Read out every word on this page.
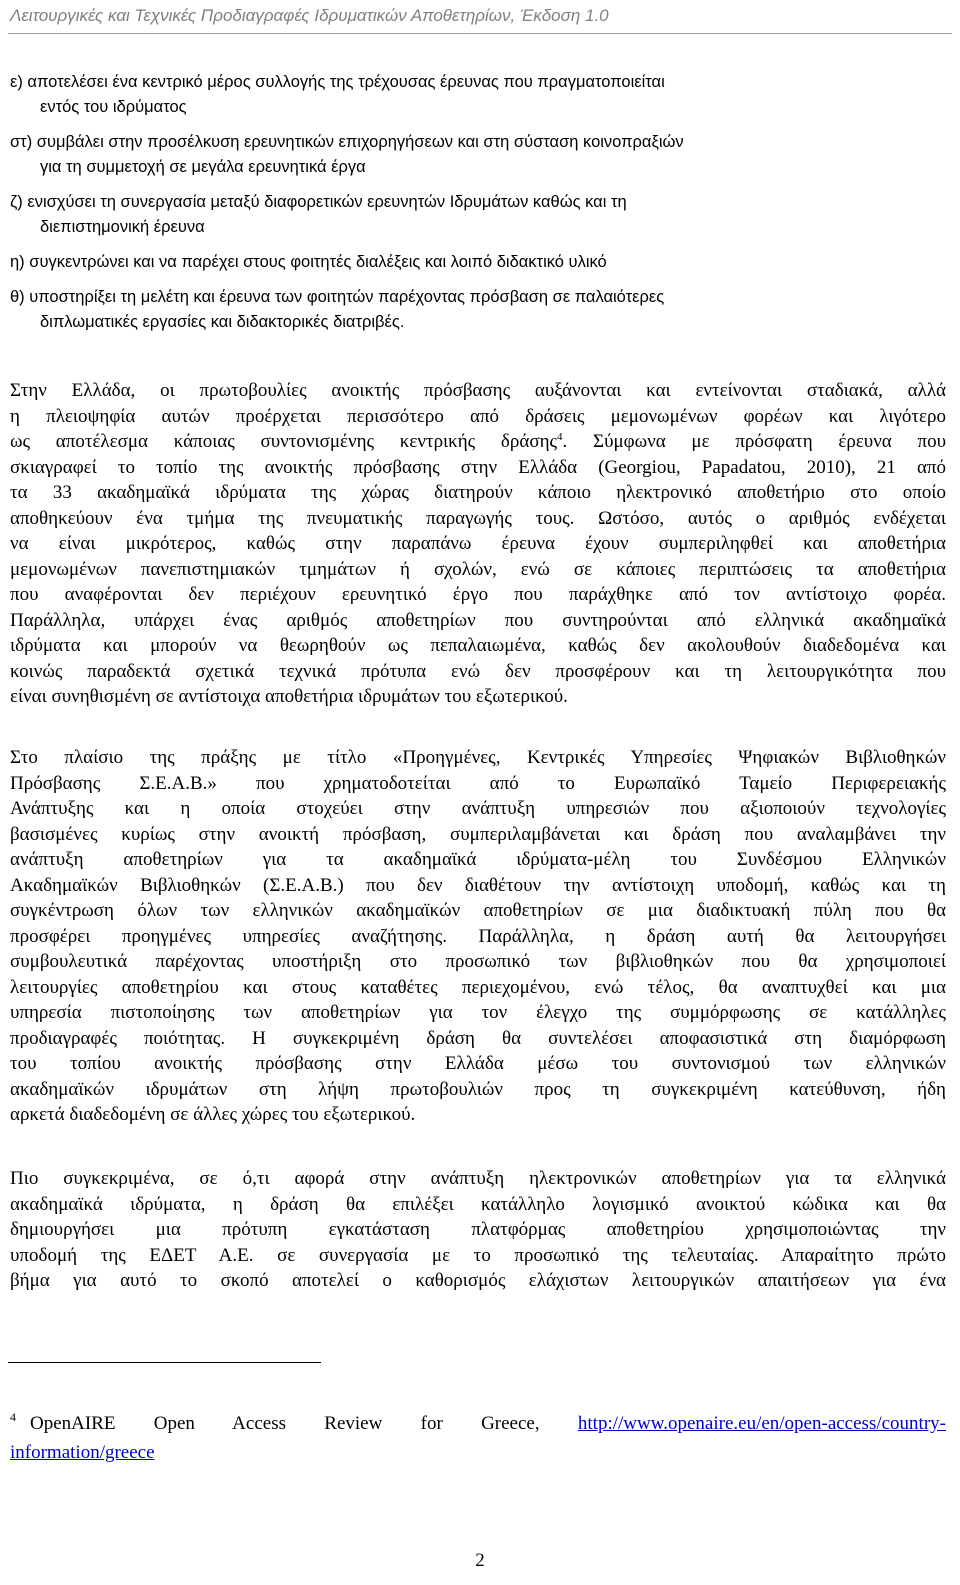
Λειτουργικές και Τεχνικές Προδιαγραφές Ιδρυματικών Αποθετηρίων, Έκδοση 1.0
ε) αποτελέσει ένα κεντρικό μέρος συλλογής της τρέχουσας έρευνας που πραγματοποιείται
εντός του ιδρύματος
στ) συμβάλει στην προσέλκυση ερευνητικών επιχορηγήσεων και στη σύσταση κοινοπραξιών
για τη συμμετοχή σε μεγάλα ερευνητικά έργα
ζ) ενισχύσει τη συνεργασία μεταξύ διαφορετικών ερευνητών Ιδρυμάτων καθώς και τη
διεπιστημονική έρευνα
η) συγκεντρώνει και να παρέχει στους φοιτητές διαλέξεις και λοιπό διδακτικό υλικό
θ) υποστηρίξει τη μελέτη και έρευνα των φοιτητών παρέχοντας πρόσβαση σε παλαιότερες
διπλωματικές εργασίες και διδακτορικές διατριβές.

Στην Ελλάδα, οι πρωτοβουλίες ανοικτής πρόσβασης αυξάνονται και εντείνονται σταδιακά, αλλά
η πλειοψηφία αυτών προέρχεται περισσότερο από δράσεις μεμονωμένων φορέων και λιγότερο
ως αποτέλεσμα κάποιας συντονισμένης κεντρικής δράσης$^4$. Σύμφωνα με πρόσφατη έρευνα που
σκιαγραφεί το τοπίο της ανοικτής πρόσβασης στην Ελλάδα (Georgiou, Papadatou, 2010), 21 από
τα 33 ακαδημαϊκά ιδρύματα της χώρας διατηρούν κάποιο ηλεκτρονικό αποθετήριο στο οποίο
αποθηκεύουν ένα τμήμα της πνευματικής παραγωγής τους. Ωστόσο, αυτός ο αριθμός ενδέχεται
να είναι μικρότερος, καθώς στην παραπάνω έρευνα έχουν συμπεριληφθεί και αποθετήρια
μεμονωμένων πανεπιστημιακών τμημάτων ή σχολών, ενώ σε κάποιες περιπτώσεις τα αποθετήρια
που αναφέρονται δεν περιέχουν ερευνητικό έργο που παράχθηκε από τον αντίστοιχο φορέα.
Παράλληλα, υπάρχει ένας αριθμός αποθετηρίων που συντηρούνται από ελληνικά ακαδημαϊκά
ιδρύματα και μπορούν να θεωρηθούν ως πεπαλαιωμένα, καθώς δεν ακολουθούν διαδεδομένα και
κοινώς παραδεκτά σχετικά τεχνικά πρότυπα ενώ δεν προσφέρουν και τη λειτουργικότητα που
είναι συνηθισμένη σε αντίστοιχα αποθετήρια ιδρυμάτων του εξωτερικού.

Στο πλαίσιο της πράξης με τίτλο «Προηγμένες, Κεντρικές Υπηρεσίες Ψηφιακών Βιβλιοθηκών
Πρόσβασης Σ.Ε.Α.Β.» που χρηματοδοτείται από το Ευρωπαϊκό Ταμείο Περιφερειακής
Ανάπτυξης και η οποία στοχεύει στην ανάπτυξη υπηρεσιών που αξιοποιούν τεχνολογίες
βασισμένες κυρίως στην ανοικτή πρόσβαση, συμπεριλαμβάνεται και δράση που αναλαμβάνει την
ανάπτυξη αποθετηρίων για τα ακαδημαϊκά ιδρύματα-μέλη του Συνδέσμου Ελληνικών
Ακαδημαϊκών Βιβλιοθηκών (Σ.Ε.Α.Β.) που δεν διαθέτουν την αντίστοιχη υποδομή, καθώς και τη
συγκέντρωση όλων των ελληνικών ακαδημαϊκών αποθετηρίων σε μια διαδικτυακή πύλη που θα
προσφέρει προηγμένες υπηρεσίες αναζήτησης. Παράλληλα, η δράση αυτή θα λειτουργήσει
συμβουλευτικά παρέχοντας υποστήριξη στο προσωπικό των βιβλιοθηκών που θα χρησιμοποιεί
λειτουργίες αποθετηρίου και στους καταθέτες περιεχομένου, ενώ τέλος, θα αναπτυχθεί και μια
υπηρεσία πιστοποίησης των αποθετηρίων για τον έλεγχο της συμμόρφωσης σε κατάλληλες
προδιαγραφές ποιότητας. Η συγκεκριμένη δράση θα συντελέσει αποφασιστικά στη διαμόρφωση
του τοπίου ανοικτής πρόσβασης στην Ελλάδα μέσω του συντονισμού των ελληνικών
ακαδημαϊκών ιδρυμάτων στη λήψη πρωτοβουλιών προς τη συγκεκριμένη κατεύθυνση, ήδη
αρκετά διαδεδομένη σε άλλες χώρες του εξωτερικού.

Πιο συγκεκριμένα, σε ό,τι αφορά στην ανάπτυξη ηλεκτρονικών αποθετηρίων για τα ελληνικά
ακαδημαϊκά ιδρύματα, η δράση θα επιλέξει κατάλληλο λογισμικό ανοικτού κώδικα και θα
δημιουργήσει μια πρότυπη εγκατάσταση πλατφόρμας αποθετηρίου χρησιμοποιώντας την
υποδομή της ΕΔΕΤ Α.Ε. σε συνεργασία με το προσωπικό της τελευταίας. Απαραίτητο πρώτο
βήμα για αυτό το σκοπό αποτελεί ο καθορισμός ελάχιστων λειτουργικών απαιτήσεων για ένα

$^4$ OpenAIRE Open Access Review for Greece, http://www.openaire.eu/en/open-access/country-
information/greece
2
